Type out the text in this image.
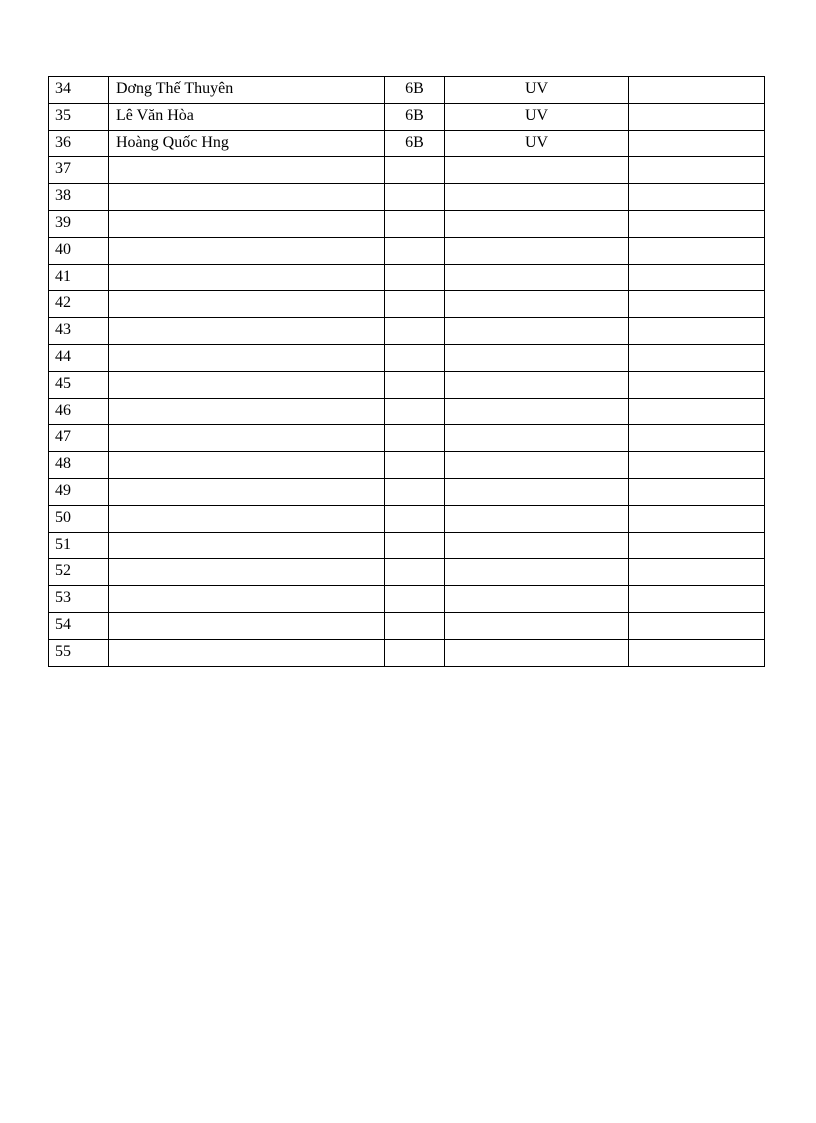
34	Dơng Thế Thuyên	6B	UV	
35	Lê Văn Hòa	6B	UV	
36	Hoàng Quốc Hng	6B	UV	
37				
38				
39				
40				
41				
42				
43				
44				
45				
46				
47				
48				
49				
50				
51				
52				
53				
54				
55				
